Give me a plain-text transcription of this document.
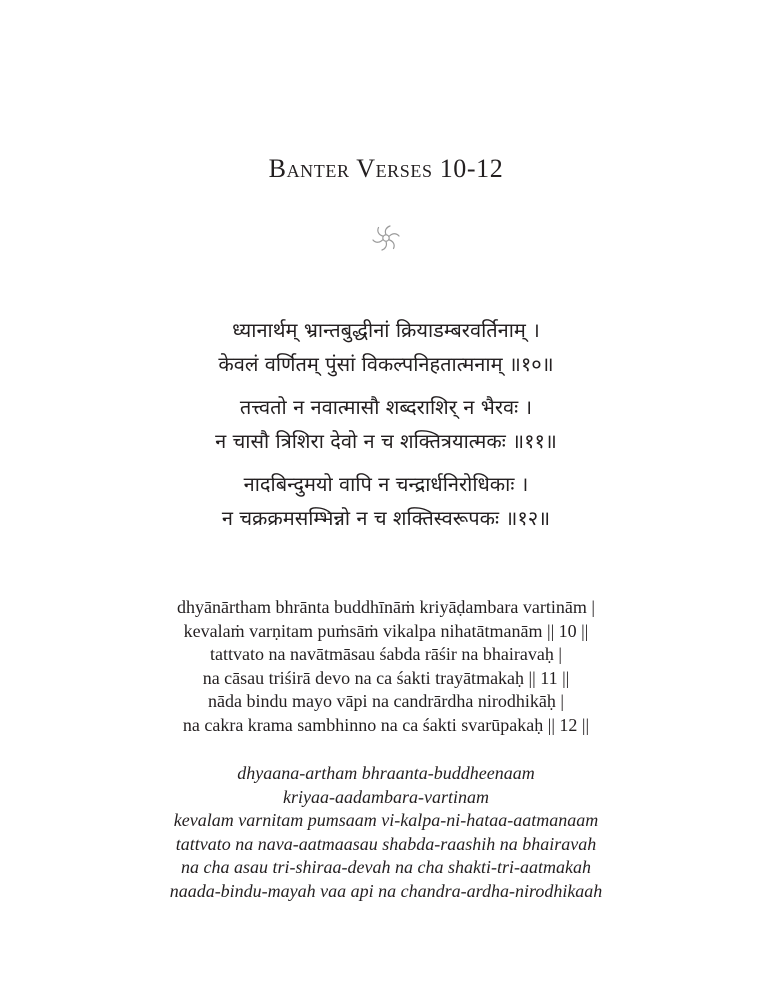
Banter Verses 10-12
ध्यानार्थम् भ्रान्तबुद्धीनां क्रियाडम्बरवर्तिनाम् ।
केवलं वर्णितम् पुंसां विकल्पनिहतात्मनाम् ॥१०॥
तत्त्वतो न नवात्मासौ शब्दराशिर् न भैरवः ।
न चासौ त्रिशिरा देवो न च शक्तित्रयात्मकः ॥११॥
नादबिन्दुमयो वापि न चन्द्रार्धनिरोधिकाः ।
न चक्रक्रमसम्भिन्नो न च शक्तिस्वरूपकः ॥१२॥
dhyānārtham bhrānta buddhīnāṁ kriyāḍambara vartinām |
kevalaṁ varṇitam puṁsāṁ vikalpa nihatātmanām || 10 ||
tattvato na navātmāsau śabda rāśir na bhairavaḥ |
na cāsau triśirā devo na ca śakti trayātmakaḥ || 11 ||
nāda bindu mayo vāpi na candrārdha nirodhikāḥ |
na cakra krama sambhinno na ca śakti svarūpakaḥ || 12 ||
dhyaana-artham bhraanta-buddheenaam
kriyaa-aadambara-vartinam
kevalam varnitam pumsaam vi-kalpa-ni-hataa-aatmanaam
tattvato na nava-aatmaasau shabda-raashih na bhairavah
na cha asau tri-shiraa-devah na cha shakti-tri-aatmakah
naada-bindu-mayah vaa api na chandra-ardha-nirodhikaah
